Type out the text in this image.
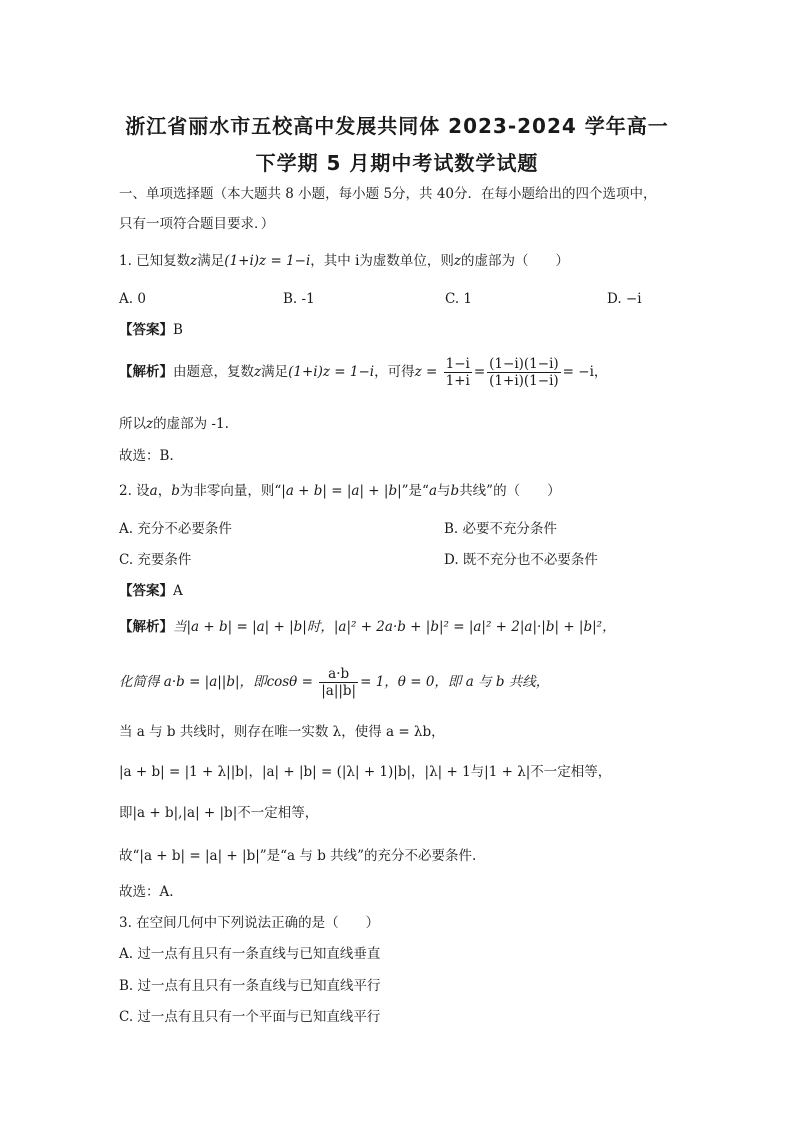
浙江省丽水市五校高中发展共同体 2023-2024 学年高一
下学期 5 月期中考试数学试题
一、单项选择题（本大题共 8 小题，每小题 5分，共 40分．在每小题给出的四个选项中，
只有一项符合题目要求．）
1. 已知复数z满足(1+i)z = 1−i，其中 i为虚数单位，则z的虚部为（　　）
A. 0	B. -1	C. 1	D. −i
【答案】B
【解析】由题意，复数z满足(1+i)z = 1−i，可得$z = \frac{1-i}{1+i} = \frac{(1-i)(1-i)}{(1+i)(1-i)} = -i$，
所以z的虚部为 -1.
故选：B.
2. 设a，b为非零向量，则“|a + b| = |a| + |b|”是“a与b共线”的（　　）
A. 充分不必要条件	B. 必要不充分条件
C. 充要条件	D. 既不充分也不必要条件
【答案】A
【解析】当|a + b| = |a| + |b|时，|a|² + 2a·b + |b|² = |a|² + 2|a|·|b| + |b|²，
化简得 a·b = |a||b|，即$\cos\theta = \frac{a\cdot b}{|a||b|} = 1$，θ = 0，即 a 与 b 共线，
当 a 与 b 共线时，则存在唯一实数 λ，使得 a = λb，
|a + b| = |1 + λ||b|，|a| + |b| = (|λ| + 1)|b|，|λ| + 1与|1 + λ|不一定相等，
即|a + b|,|a| + |b|不一定相等，
故“|a + b| = |a| + |b|”是“a 与 b 共线”的充分不必要条件.
故选：A.
3. 在空间几何中下列说法正确的是（　　）
A. 过一点有且只有一条直线与已知直线垂直
B. 过一点有且只有一条直线与已知直线平行
C. 过一点有且只有一个平面与已知直线平行
